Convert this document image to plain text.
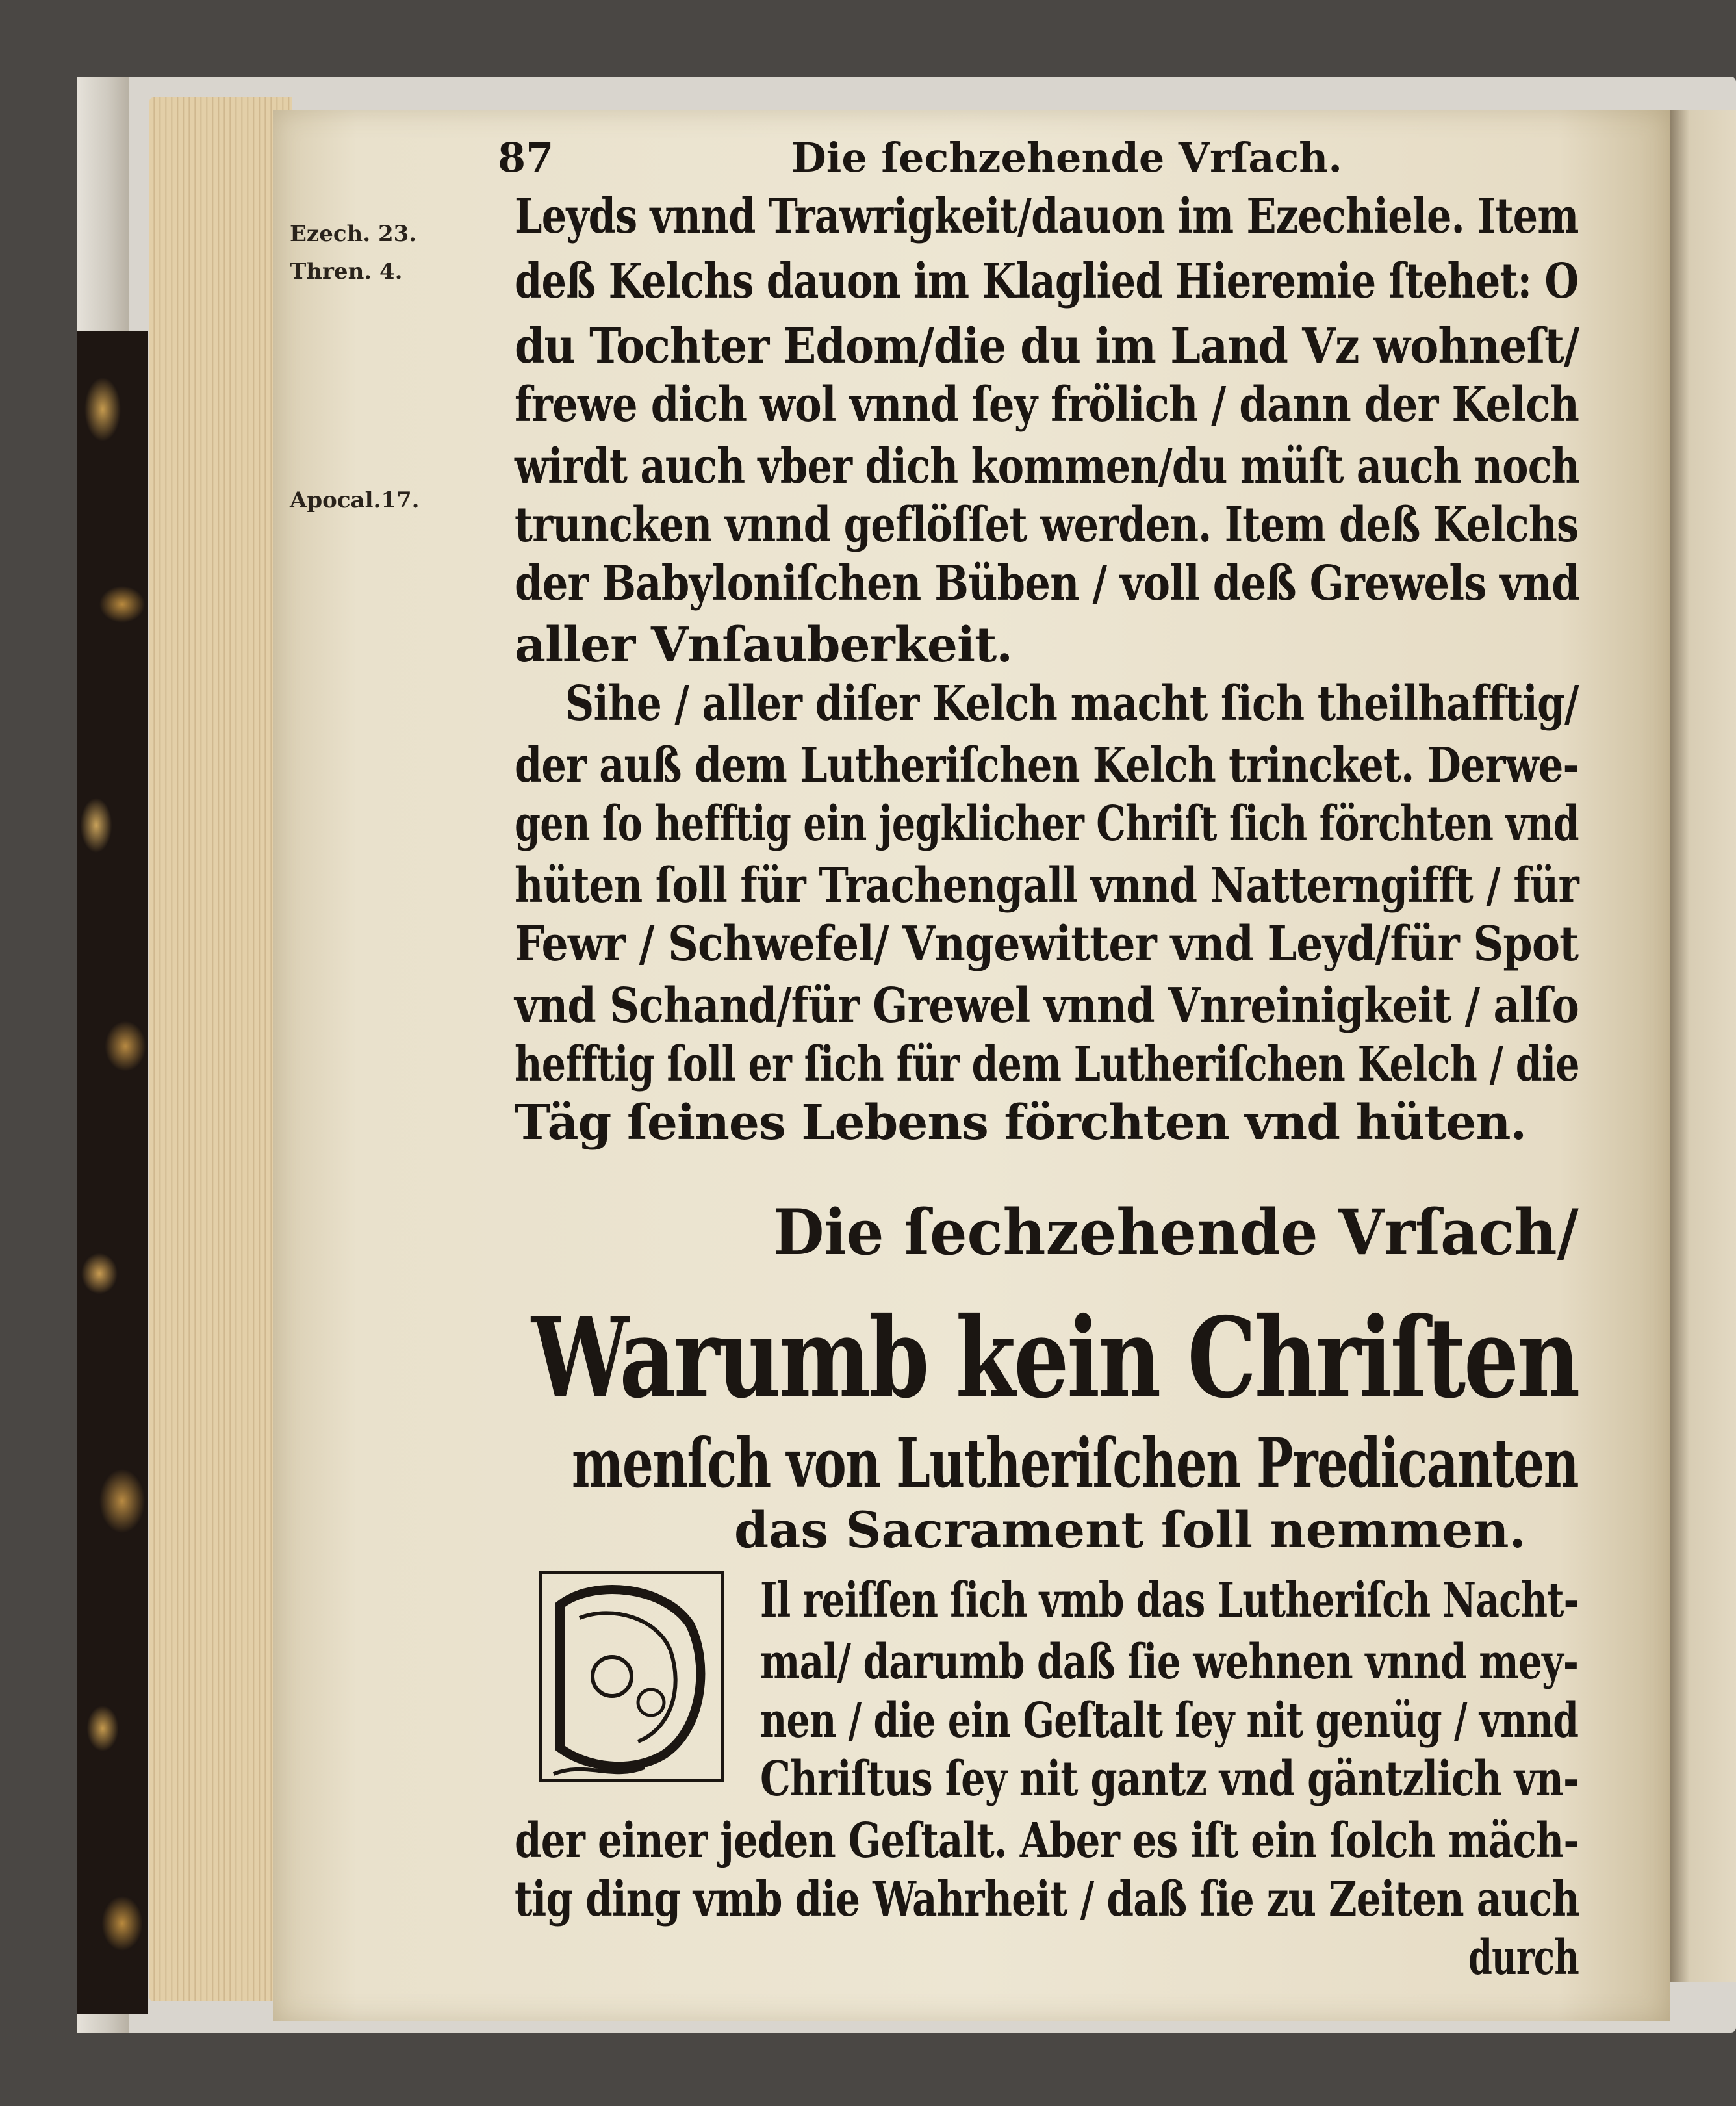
87	Die ſechzehende Vrſach.
Ezech. 23.
Thren. 4.
Apocal.17.
Leyds vnnd Trawrigkeit/dauon im Ezechiele. Item
deß Kelchs dauon im Klaglied Hieremie ſtehet: O
du Tochter Edom/die du im Land Vz wohneſt/
frewe dich wol vnnd ſey frölich / dann der Kelch
wirdt auch vber dich kommen/du müſt auch noch
truncken vnnd geflöſſet werden. Item deß Kelchs
der Babyloniſchen Büben / voll deß Grewels vnd
aller Vnſauberkeit.
Sihe / aller diſer Kelch macht ſich theilhafftig/
der auß dem Lutheriſchen Kelch trincket. Derwe-
gen ſo hefftig ein jegklicher Chriſt ſich förchten vnd
hüten ſoll für Trachengall vnnd Natterngifft / für
Fewr / Schwefel/ Vngewitter vnd Leyd/für Spot
vnd Schand/für Grewel vnnd Vnreinigkeit / alſo
hefftig ſoll er ſich für dem Lutheriſchen Kelch / die
Täg ſeines Lebens förchten vnd hüten.

Die ſechzehende Vrſach/
Warumb kein Chriſten
menſch von Lutheriſchen Predicanten
das Sacrament ſoll nemmen.
Il reiſſen ſich vmb das Lutheriſch Nacht-
mal/ darumb daß ſie wehnen vnnd mey-
nen / die ein Geſtalt ſey nit genüg / vnnd
Chriſtus ſey nit gantz vnd gäntzlich vn-
der einer jeden Geſtalt. Aber es iſt ein ſolch mäch-
tig ding vmb die Wahrheit / daß ſie zu Zeiten auch
durch
